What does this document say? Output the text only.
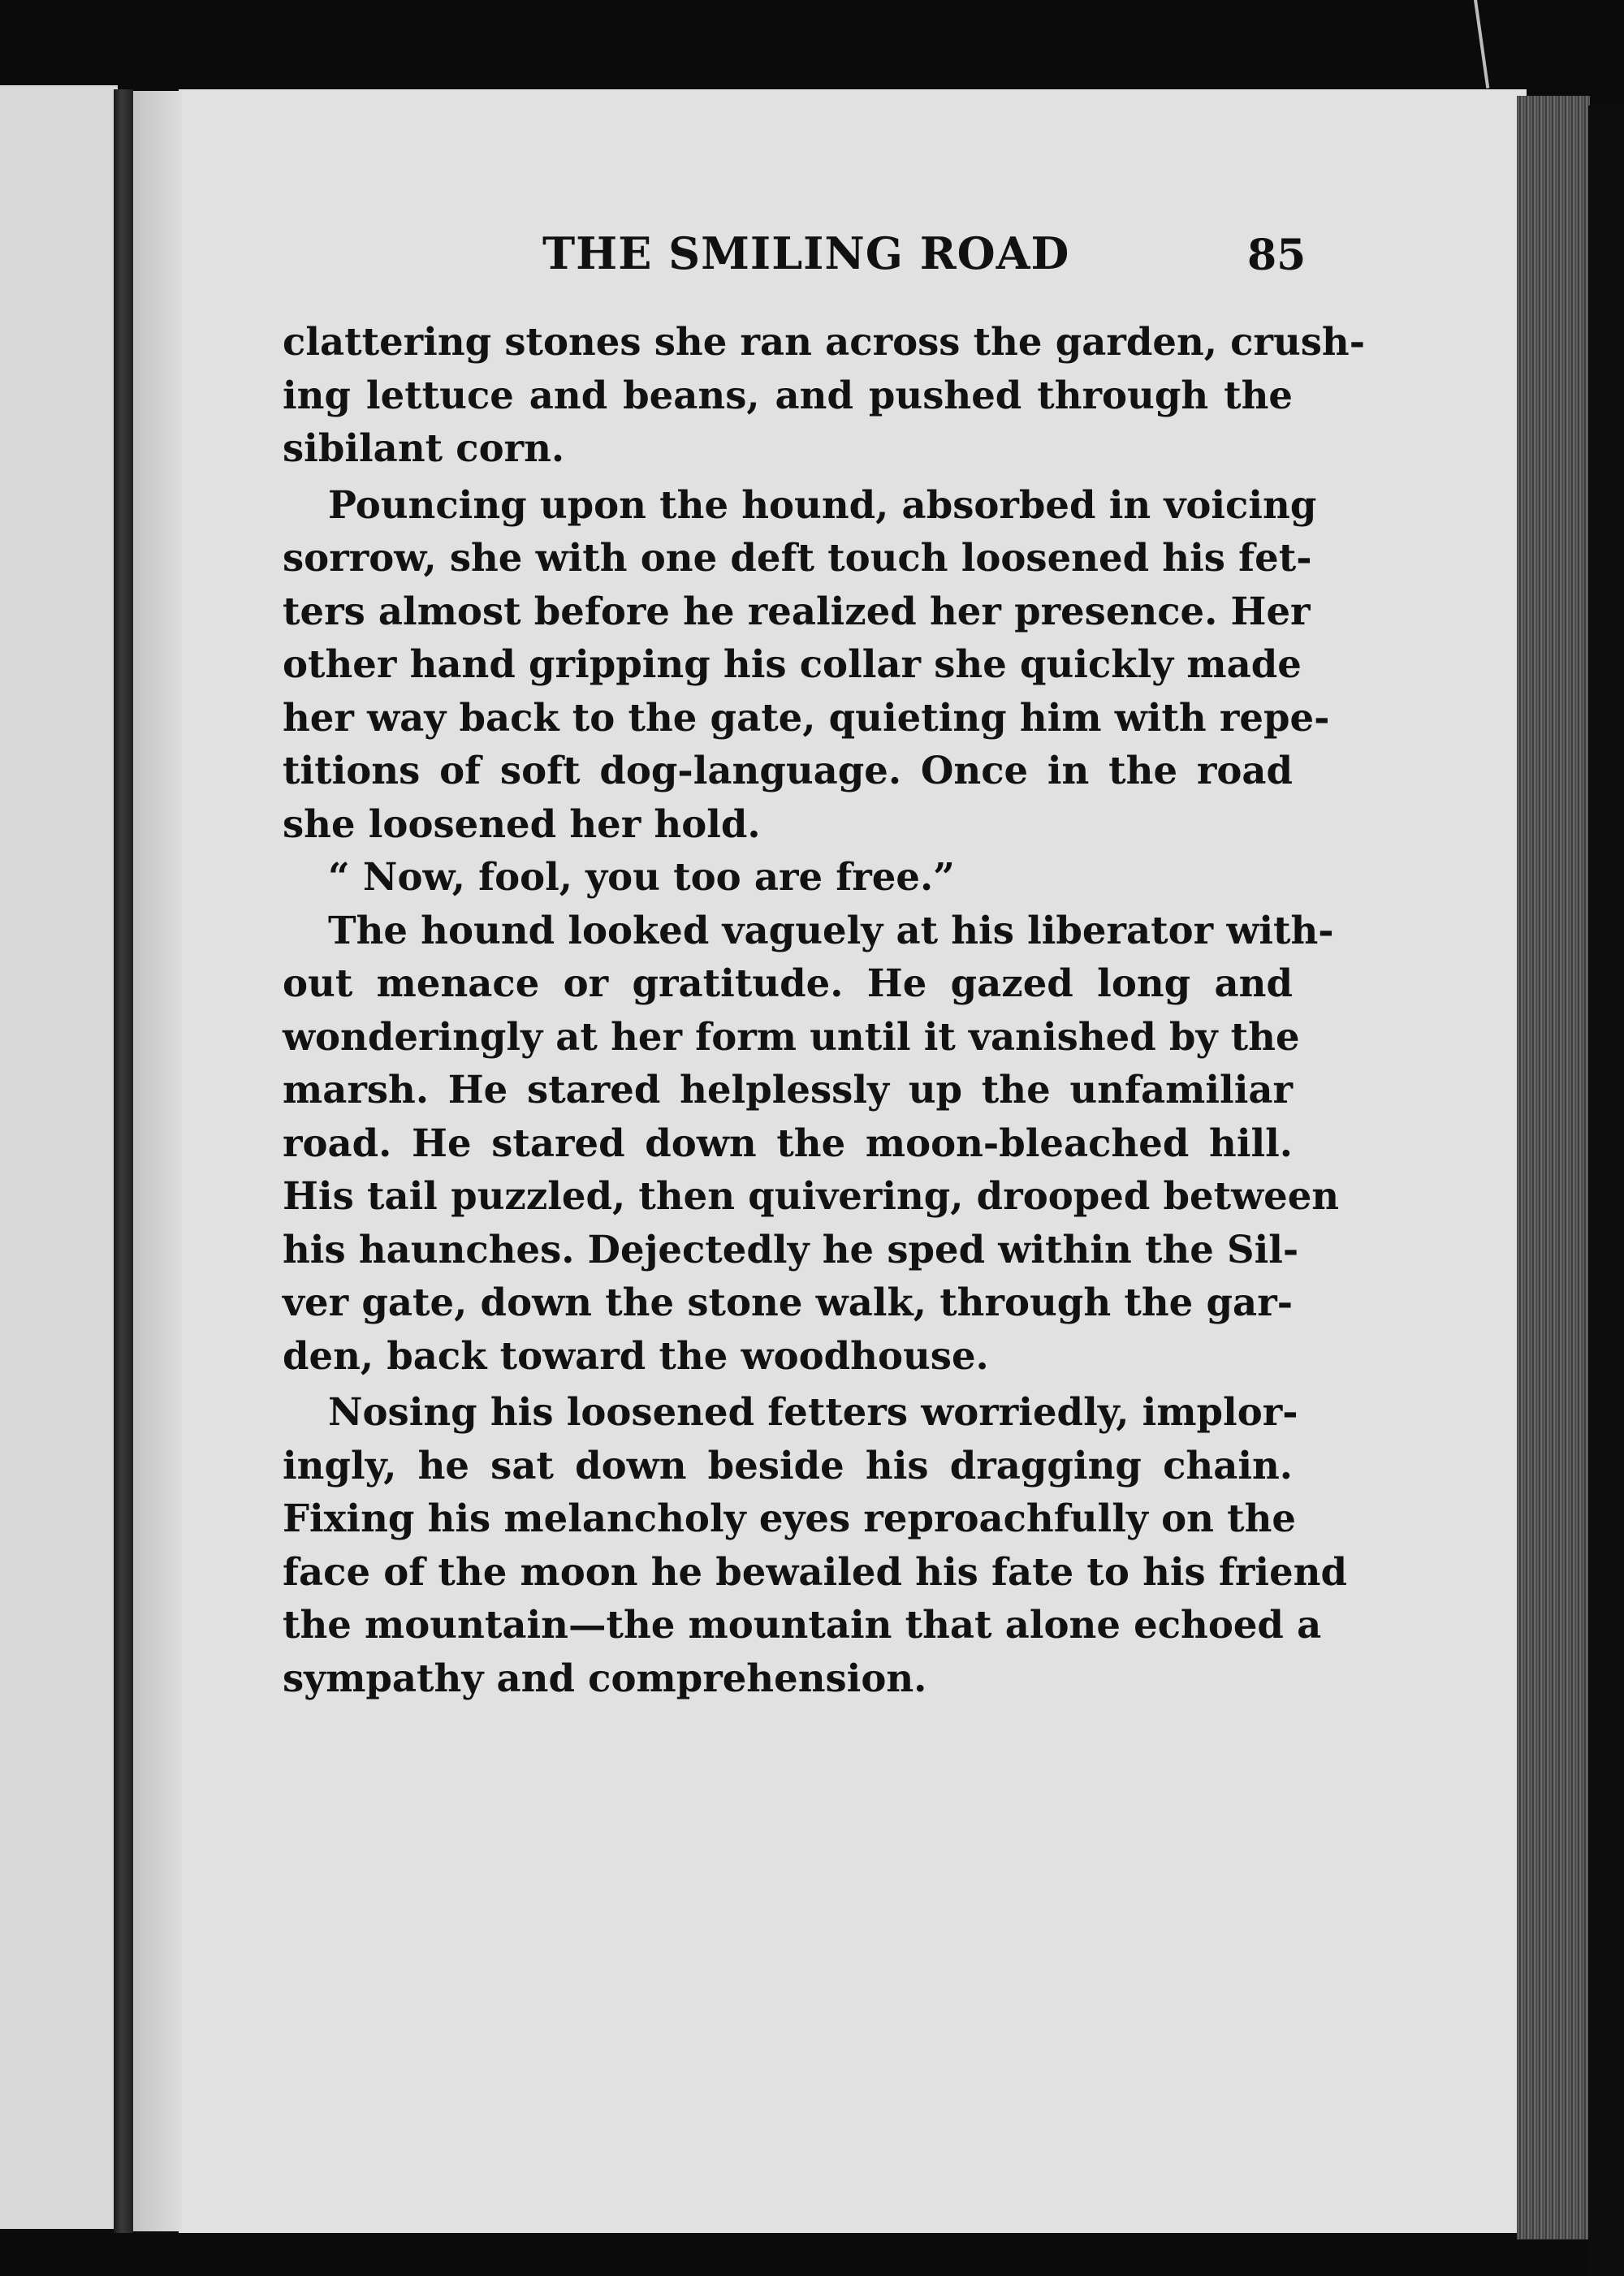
THE SMILING ROAD	85
clattering stones she ran across the garden, crush-
ing lettuce and beans, and pushed through the
sibilant corn.
Pouncing upon the hound, absorbed in voicing
sorrow, she with one deft touch loosened his fet-
ters almost before he realized her presence. Her
other hand gripping his collar she quickly made
her way back to the gate, quieting him with repe-
titions of soft dog-language. Once in the road
she loosened her hold.
“ Now, fool, you too are free.”
The hound looked vaguely at his liberator with-
out menace or gratitude. He gazed long and
wonderingly at her form until it vanished by the
marsh. He stared helplessly up the unfamiliar
road. He stared down the moon-bleached hill.
His tail puzzled, then quivering, drooped between
his haunches. Dejectedly he sped within the Sil-
ver gate, down the stone walk, through the gar-
den, back toward the woodhouse.
Nosing his loosened fetters worriedly, implor-
ingly, he sat down beside his dragging chain.
Fixing his melancholy eyes reproachfully on the
face of the moon he bewailed his fate to his friend
the mountain—the mountain that alone echoed a
sympathy and comprehension.
